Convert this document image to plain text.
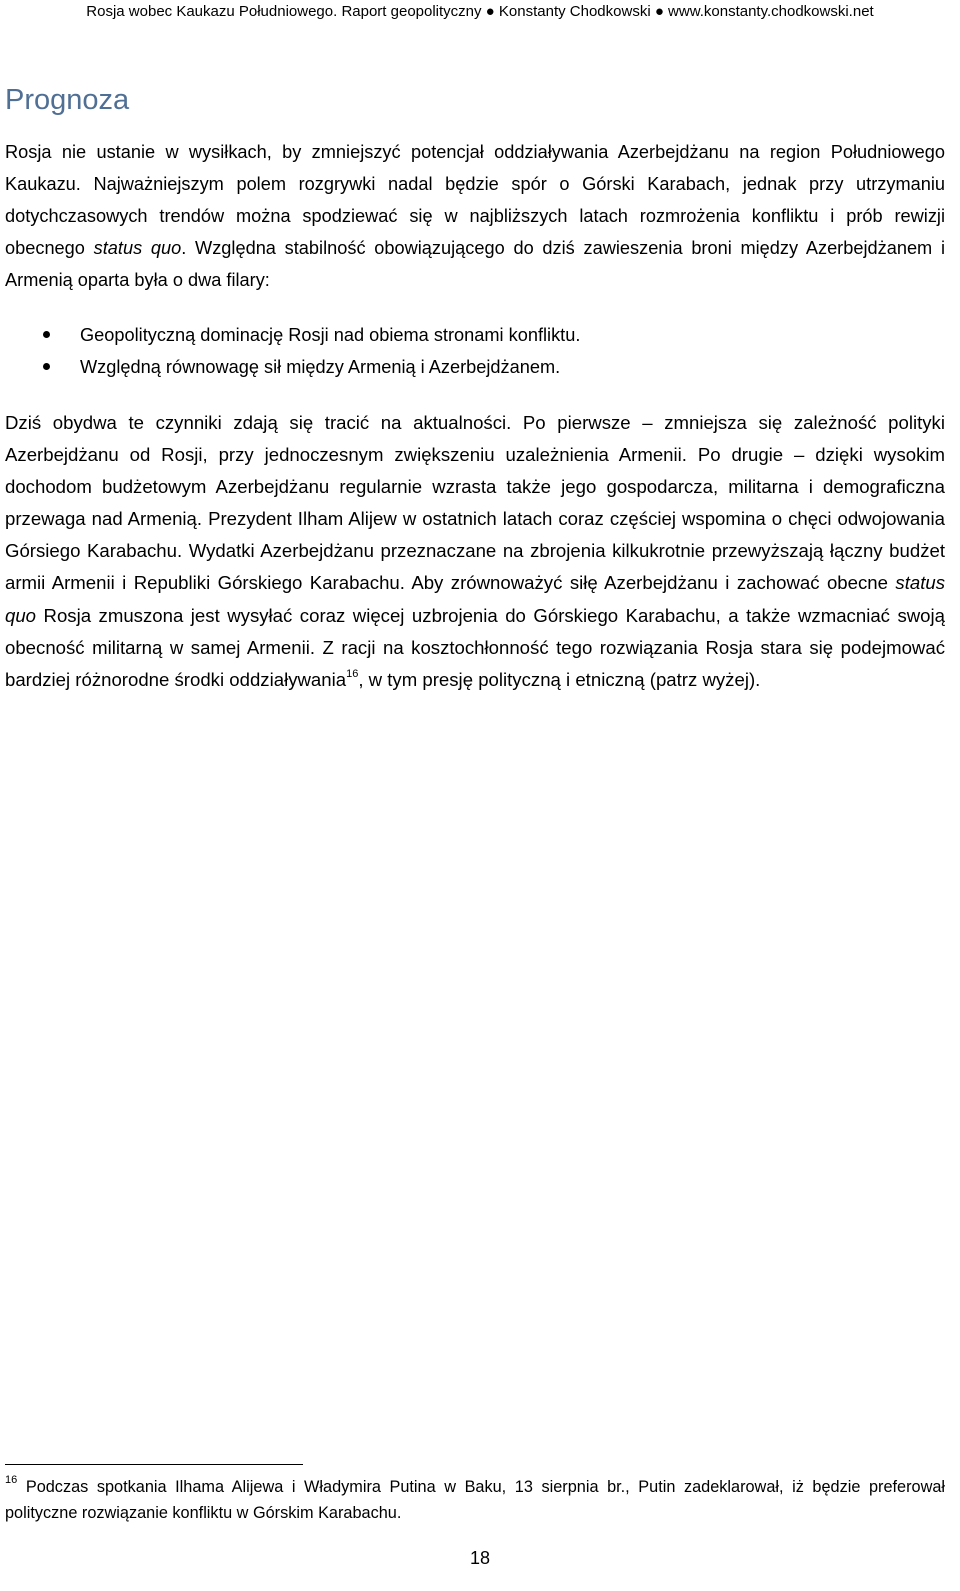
Rosja wobec Kaukazu Południowego. Raport geopolityczny ● Konstanty Chodkowski ● www.konstanty.chodkowski.net
Prognoza

Rosja nie ustanie w wysiłkach, by zmniejszyć potencjał oddziaływania Azerbejdżanu na region Południowego Kaukazu. Najważniejszym polem rozgrywki nadal będzie spór o Górski Karabach, jednak przy utrzymaniu dotychczasowych trendów można spodziewać się w najbliższych latach rozmrożenia konfliktu i prób rewizji obecnego status quo. Względna stabilność obowiązującego do dziś zawieszenia broni między Azerbejdżanem i Armenią oparta była o dwa filary:

Geopolityczną dominację Rosji nad obiema stronami konfliktu.
Względną równowagę sił między Armenią i Azerbejdżanem.

Dziś obydwa te czynniki zdają się tracić na aktualności. Po pierwsze – zmniejsza się zależność polityki Azerbejdżanu od Rosji, przy jednoczesnym zwiększeniu uzależnienia Armenii. Po drugie – dzięki wysokim dochodom budżetowym Azerbejdżanu regularnie wzrasta także jego gospodarcza, militarna i demograficzna przewaga nad Armenią. Prezydent Ilham Alijew w ostatnich latach coraz częściej wspomina o chęci odwojowania Górsiego Karabachu. Wydatki Azerbejdżanu przeznaczane na zbrojenia kilkukrotnie przewyższają łączny budżet armii Armenii i Republiki Górskiego Karabachu. Aby zrównoważyć siłę Azerbejdżanu i zachować obecne status quo Rosja zmuszona jest wysyłać coraz więcej uzbrojenia do Górskiego Karabachu, a także wzmacniać swoją obecność militarną w samej Armenii. Z racji na kosztochłonność tego rozwiązania Rosja stara się podejmować bardziej różnorodne środki oddziaływania$^{16}$, w tym presję polityczną i etniczną (patrz wyżej).

$^{16}$ Podczas spotkania Ilhama Alijewa i Władymira Putina w Baku, 13 sierpnia br., Putin zadeklarował, iż będzie preferował polityczne rozwiązanie konfliktu w Górskim Karabachu.

18
